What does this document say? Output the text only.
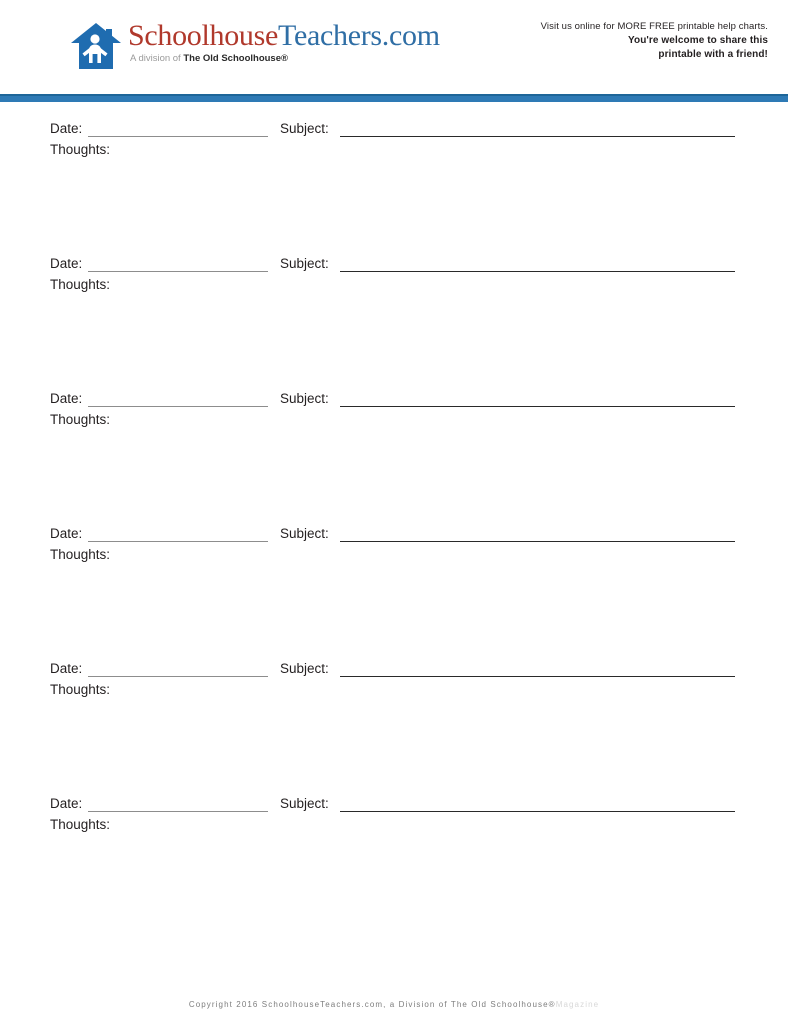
SchoolhouseTeachers.com
A division of The Old Schoolhouse®
Visit us online for MORE FREE printable help charts.
You're welcome to share this
printable with a friend!
Date:	Subject:
Thoughts:
Date:	Subject:
Thoughts:
Date:	Subject:
Thoughts:
Date:	Subject:
Thoughts:
Date:	Subject:
Thoughts:
Date:	Subject:
Thoughts:
Copyright 2016 SchoolhouseTeachers.com, a Division of The Old Schoolhouse®Magazine
